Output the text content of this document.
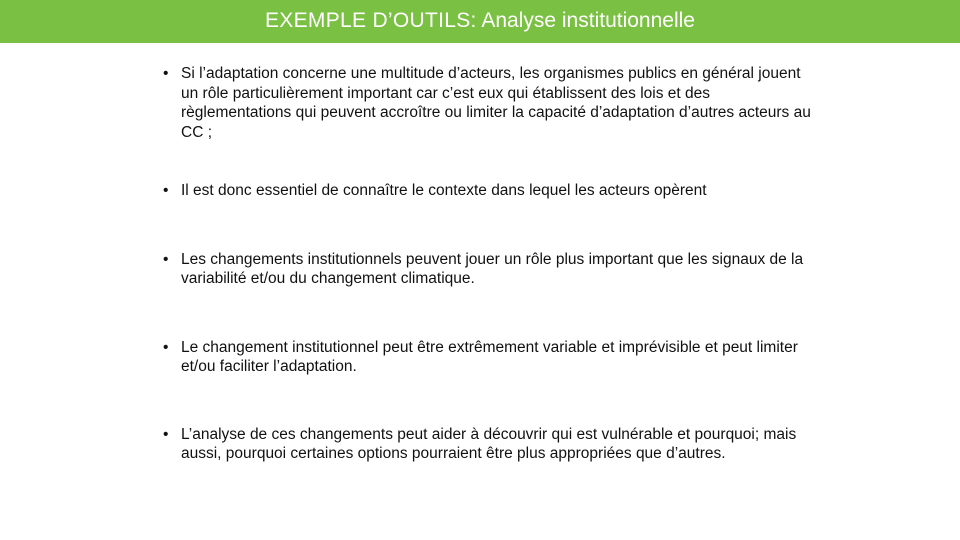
EXEMPLE D’OUTILS: Analyse institutionnelle
• Si l’adaptation concerne une multitude d’acteurs, les organismes publics en général jouent un rôle particulièrement important car c’est eux qui établissent des lois et des règlementations qui peuvent accroître ou limiter la capacité d’adaptation d’autres acteurs au CC ;
• Il est donc essentiel de connaître le contexte dans lequel les acteurs opèrent
• Les changements institutionnels peuvent jouer un rôle plus important que les signaux de la variabilité et/ou du changement climatique.
• Le changement institutionnel peut être extrêmement variable et imprévisible et peut limiter et/ou faciliter l’adaptation.
• L’analyse de ces changements peut aider à découvrir qui est vulnérable et pourquoi; mais aussi, pourquoi certaines options pourraient être plus appropriées que d’autres.
